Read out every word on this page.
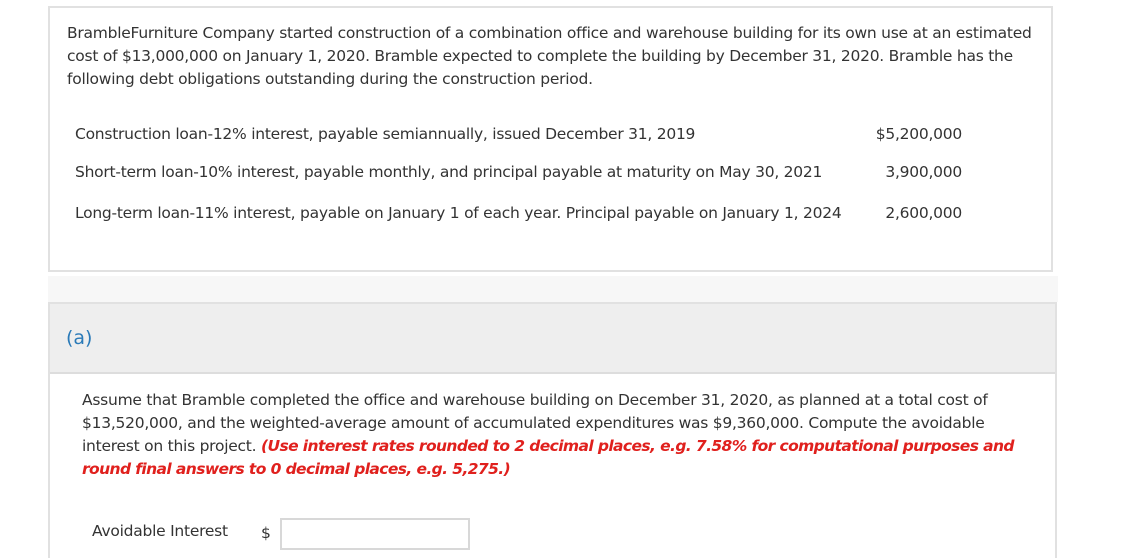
BrambleFurniture Company started construction of a combination office and warehouse building for its own use at an estimated cost of $13,000,000 on January 1, 2020. Bramble expected to complete the building by December 31, 2020. Bramble has the following debt obligations outstanding during the construction period.
Construction loan-12% interest, payable semiannually, issued December 31, 2019	$5,200,000
Short-term loan-10% interest, payable monthly, and principal payable at maturity on May 30, 2021	3,900,000
Long-term loan-11% interest, payable on January 1 of each year. Principal payable on January 1, 2024	2,600,000
(a)
Assume that Bramble completed the office and warehouse building on December 31, 2020, as planned at a total cost of $13,520,000, and the weighted-average amount of accumulated expenditures was $9,360,000. Compute the avoidable interest on this project. (Use interest rates rounded to 2 decimal places, e.g. 7.58% for computational purposes and round final answers to 0 decimal places, e.g. 5,275.)
Avoidable Interest $
